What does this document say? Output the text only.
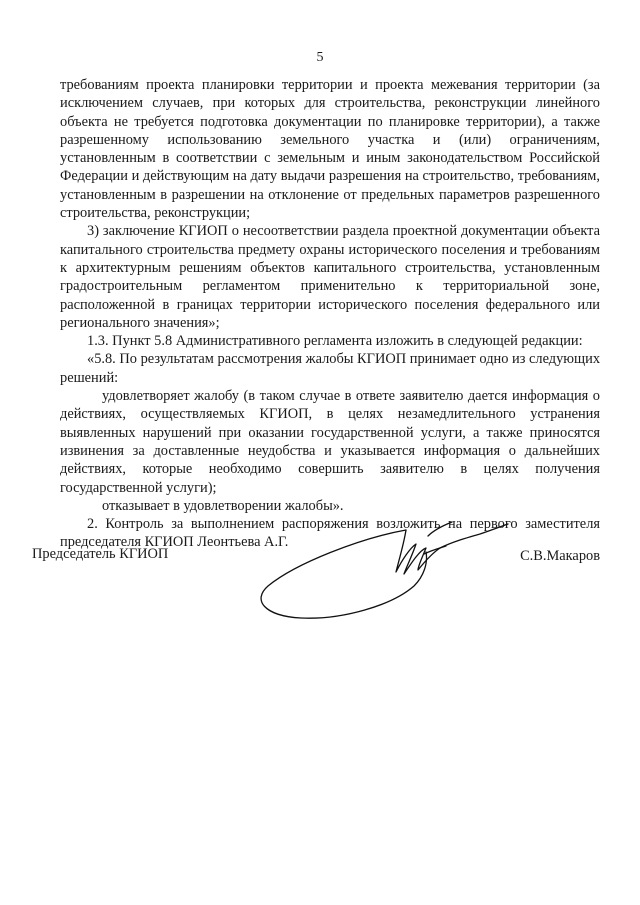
5

требованиям проекта планировки территории и проекта межевания территории (за исключением случаев, при которых для строительства, реконструкции линейного объекта не требуется подготовка документации по планировке территории), а также разрешенному использованию земельного участка и (или) ограничениям, установленным в соответствии с земельным и иным законодательством Российской Федерации и действующим на дату выдачи разрешения на строительство, требованиям, установленным в разрешении на отклонение от предельных параметров разрешенного строительства, реконструкции;

3) заключение КГИОП о несоответствии раздела проектной документации объекта капитального строительства предмету охраны исторического поселения и требованиям к архитектурным решениям объектов капитального строительства, установленным градостроительным регламентом применительно к территориальной зоне, расположенной в границах территории исторического поселения федерального или регионального значения»;

1.3. Пункт 5.8 Административного регламента изложить в следующей редакции:

«5.8. По результатам рассмотрения жалобы КГИОП принимает одно из следующих решений:

удовлетворяет жалобу (в таком случае в ответе заявителю дается информация о действиях, осуществляемых КГИОП, в целях незамедлительного устранения выявленных нарушений при оказании государственной услуги, а также приносятся извинения за доставленные неудобства и указывается информация о дальнейших действиях, которые необходимо совершить заявителю в целях получения государственной услуги);

отказывает в удовлетворении жалобы».

2. Контроль за выполнением распоряжения возложить на первого заместителя председателя КГИОП Леонтьева А.Г.

Председатель КГИОП	С.В.Макаров
